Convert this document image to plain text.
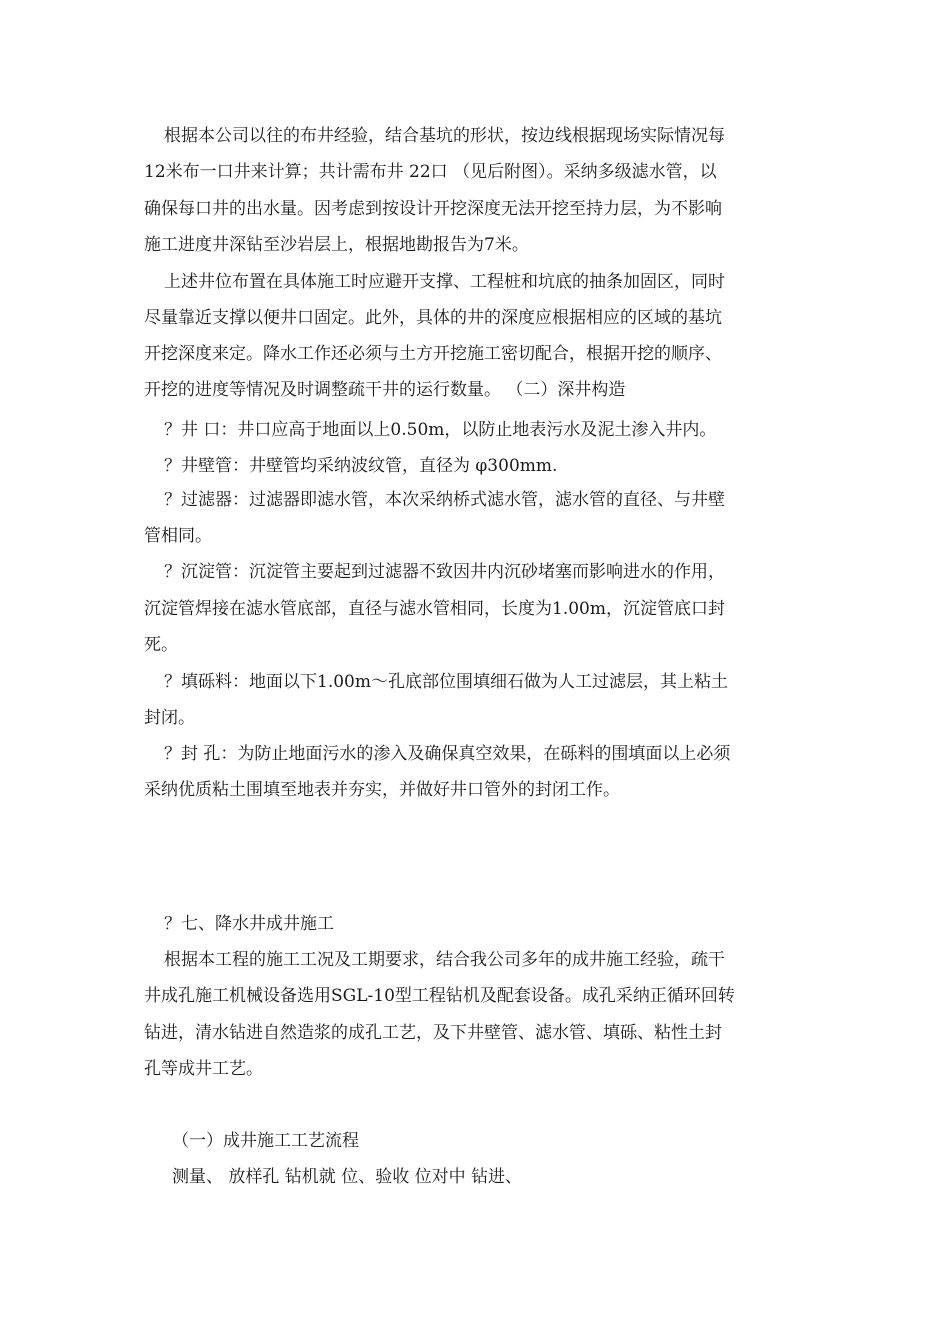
根据本公司以往的布井经验，结合基坑的形状，按边线根据现场实际情况每
12米布一口井来计算；共计需布井 22口 （见后附图）。采纳多级滤水管，以
确保每口井的出水量。因考虑到按设计开挖深度无法开挖至持力层，为不影响
施工进度井深钻至沙岩层上，根据地勘报告为7米。
上述井位布置在具体施工时应避开支撑、工程桩和坑底的抽条加固区，同时
尽量靠近支撑以便井口固定。此外，具体的井的深度应根据相应的区域的基坑
开挖深度来定。降水工作还必须与土方开挖施工密切配合，根据开挖的顺序、
开挖的进度等情况及时调整疏干井的运行数量。 （二）深井构造
？井 口：井口应高于地面以上0.50m，以防止地表污水及泥土渗入井内。
？井壁管：井壁管均采纳波纹管，直径为 φ300mm.
？过滤器：过滤器即滤水管，本次采纳桥式滤水管，滤水管的直径、与井壁
管相同。
？沉淀管：沉淀管主要起到过滤器不致因井内沉砂堵塞而影响进水的作用，
沉淀管焊接在滤水管底部，直径与滤水管相同，长度为1.00m，沉淀管底口封
死。
？填砾料：地面以下1.00m～孔底部位围填细石做为人工过滤层，其上粘土
封闭。
？封 孔：为防止地面污水的渗入及确保真空效果，在砾料的围填面以上必须
采纳优质粘土围填至地表并夯实，并做好井口管外的封闭工作。
？七、降水井成井施工
根据本工程的施工工况及工期要求，结合我公司多年的成井施工经验，疏干
井成孔施工机械设备选用SGL-10型工程钻机及配套设备。成孔采纳正循环回转
钻进，清水钻进自然造浆的成孔工艺，及下井壁管、滤水管、填砾、粘性土封
孔等成井工艺。
（一）成井施工工艺流程
测量、 放样孔 钻机就 位、验收 位对中 钻进、
